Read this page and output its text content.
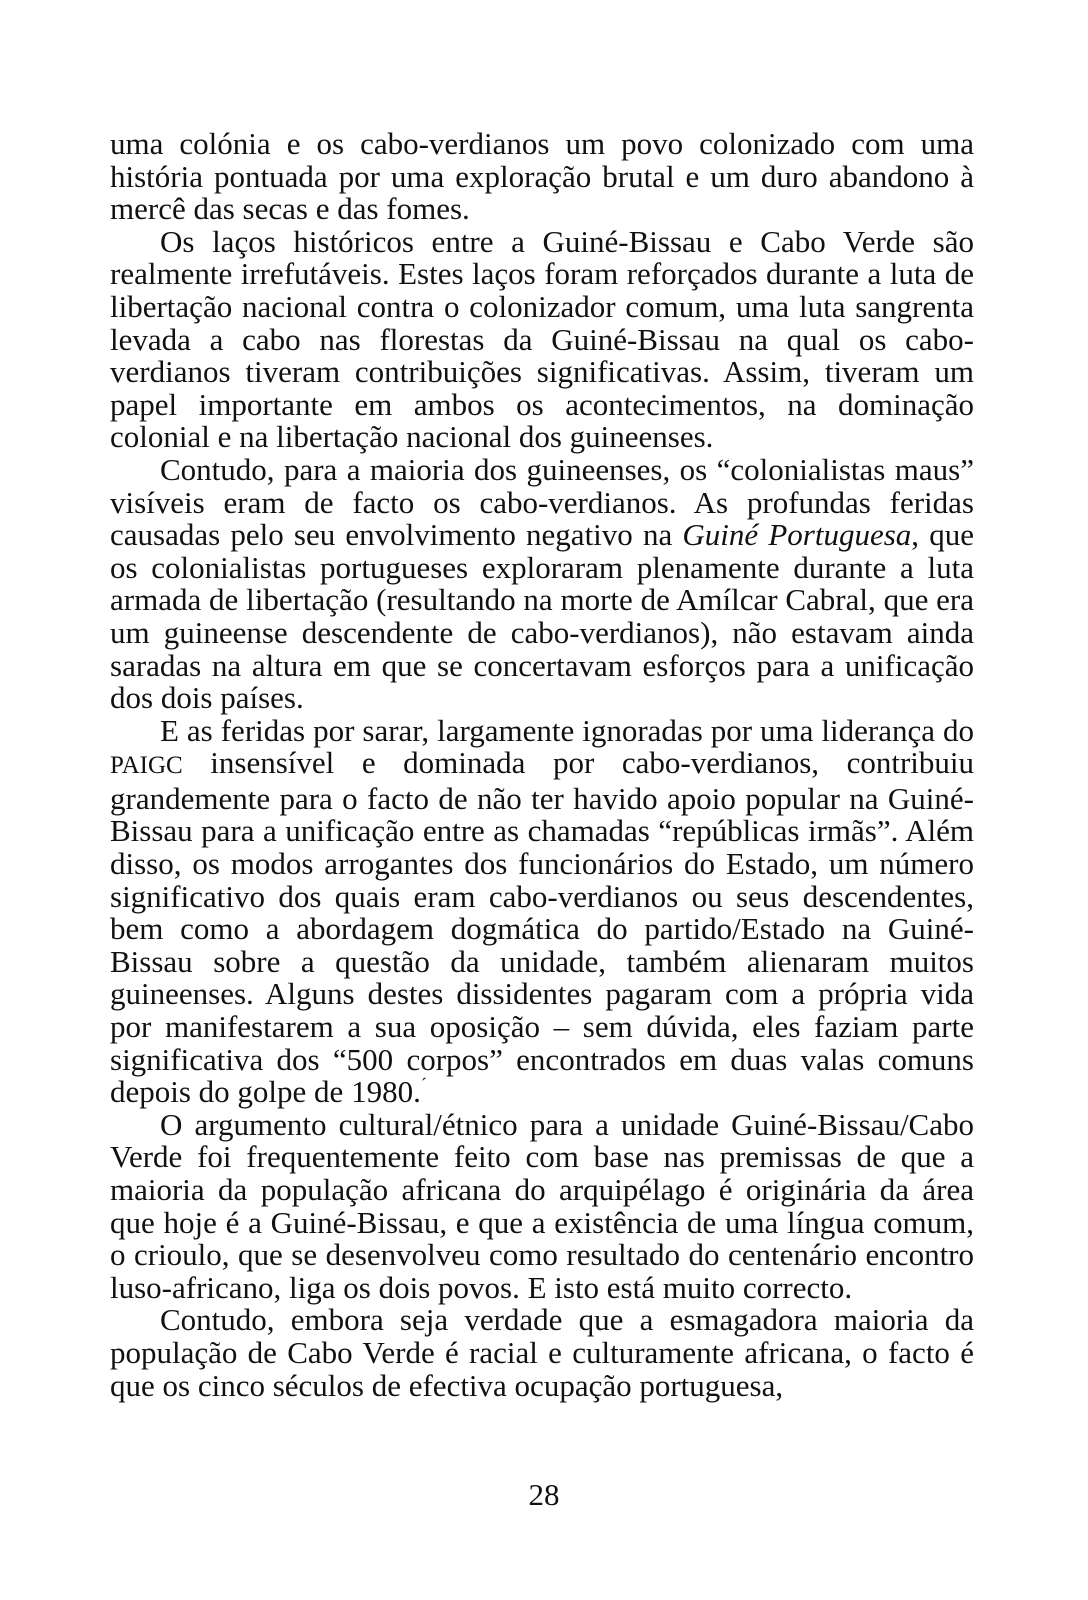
uma colónia e os cabo-verdianos um povo colonizado com uma história pontuada por uma exploração brutal e um duro abandono à mercê das secas e das fomes.

Os laços históricos entre a Guiné-Bissau e Cabo Verde são realmente irrefutáveis. Estes laços foram reforçados durante a luta de libertação nacional contra o colonizador comum, uma luta sangrenta levada a cabo nas florestas da Guiné-Bissau na qual os cabo-verdianos tiveram contribuições significativas. Assim, tiveram um papel importante em ambos os acontecimentos, na dominação colonial e na libertação nacional dos guineenses.

Contudo, para a maioria dos guineenses, os “colonialistas maus” visíveis eram de facto os cabo-verdianos. As profundas feridas causadas pelo seu envolvimento negativo na Guiné Portuguesa, que os colonialistas portugueses exploraram plenamente durante a luta armada de libertação (resultando na morte de Amílcar Cabral, que era um guineense descendente de cabo-verdianos), não estavam ainda saradas na altura em que se concertavam esforços para a unificação dos dois países.

E as feridas por sarar, largamente ignoradas por uma liderança do PAIGC insensível e dominada por cabo-verdianos, contribuiu grandemente para o facto de não ter havido apoio popular na Guiné-Bissau para a unificação entre as chamadas “repúblicas irmãs”. Além disso, os modos arrogantes dos funcionários do Estado, um número significativo dos quais eram cabo-verdianos ou seus descendentes, bem como a abordagem dogmática do partido/Estado na Guiné-Bissau sobre a questão da unidade, também alienaram muitos guineenses. Alguns destes dissidentes pagaram com a própria vida por manifestarem a sua oposição – sem dúvida, eles faziam parte significativa dos “500 corpos” encontrados em duas valas comuns depois do golpe de 1980.´

O argumento cultural/étnico para a unidade Guiné-Bissau/Cabo Verde foi frequentemente feito com base nas premissas de que a maioria da população africana do arquipélago é originária da área que hoje é a Guiné-Bissau, e que a existência de uma língua comum, o crioulo, que se desenvolveu como resultado do centenário encontro luso-africano, liga os dois povos. E isto está muito correcto.

Contudo, embora seja verdade que a esmagadora maioria da população de Cabo Verde é racial e culturamente africana, o facto é que os cinco séculos de efectiva ocupação portuguesa,

28
